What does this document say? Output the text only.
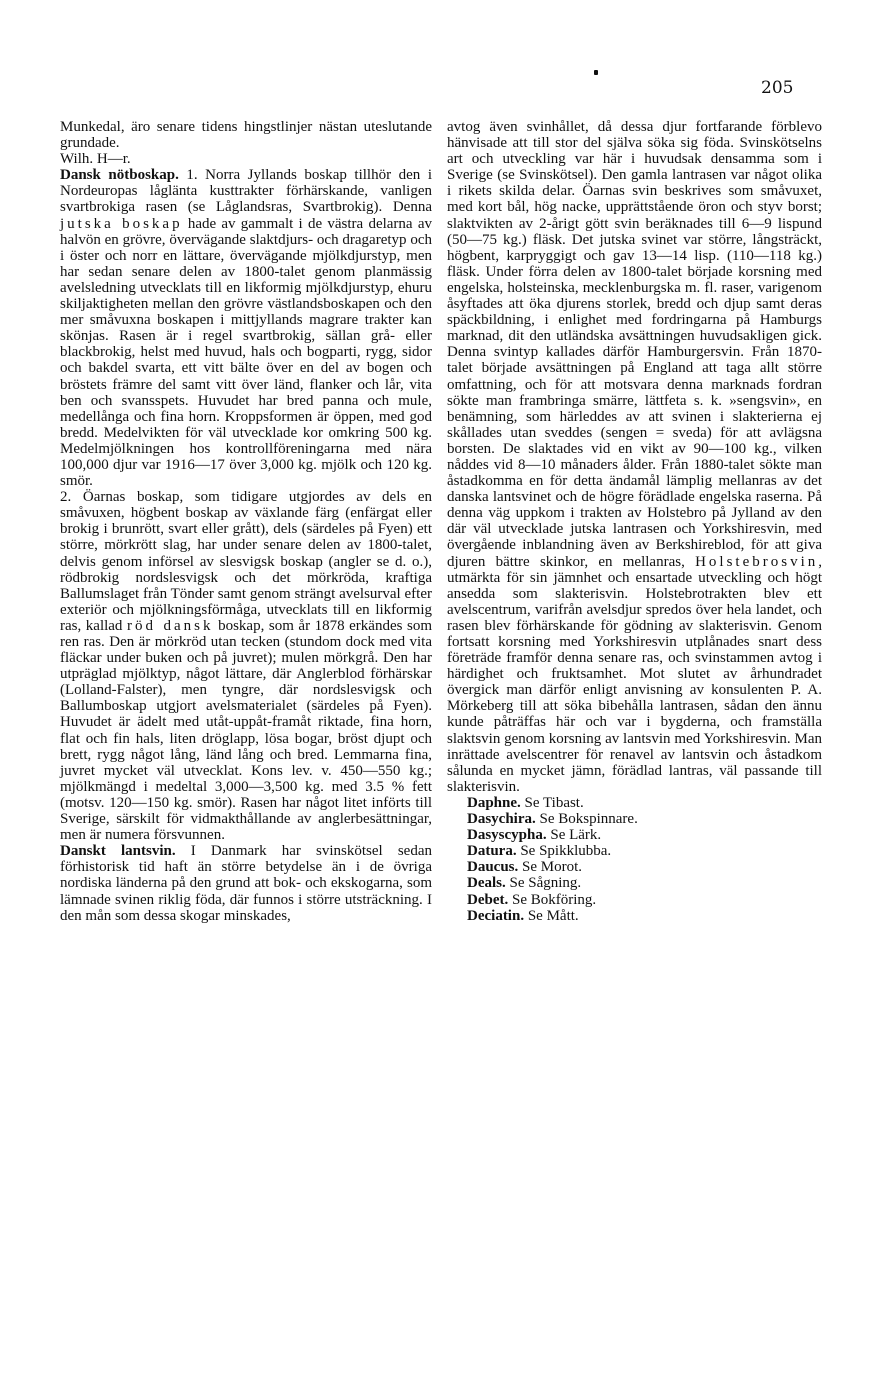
205

Munkedal, äro senare tidens hingstlinjer nästan uteslutande grundade.

Wilh. H—r.

Dansk nötboskap. 1. Norra Jyllands boskap tillhör den i Nordeuropas låglänta kusttrakter förhärskande, vanligen svartbrokiga rasen (se Låglandsras, Svartbrokig). Denna jutska boskap hade av gammalt i de västra delarna av halvön en grövre, övervägande slaktdjurs- och dragaretyp och i öster och norr en lättare, övervägande mjölkdjurstyp, men har sedan senare delen av 1800-talet genom planmässig avelsledning utvecklats till en likformig mjölkdjurstyp, ehuru skiljaktigheten mellan den grövre västlandsboskapen och den mer småvuxna boskapen i mittjyllands magrare trakter kan skönjas. Rasen är i regel svartbrokig, sällan grå- eller blackbrokig, helst med huvud, hals och bogparti, rygg, sidor och bakdel svarta, ett vitt bälte över en del av bogen och bröstets främre del samt vitt över länd, flanker och lår, vita ben och svansspets. Huvudet har bred panna och mule, medellånga och fina horn. Kroppsformen är öppen, med god bredd. Medelvikten för väl utvecklade kor omkring 500 kg. Medelmjölkningen hos kontrollföreningarna med nära 100,000 djur var 1916—17 över 3,000 kg. mjölk och 120 kg. smör.

2. Öarnas boskap, som tidigare utgjordes av dels en småvuxen, högbent boskap av växlande färg (enfärgat eller brokig i brunrött, svart eller grått), dels (särdeles på Fyen) ett större, mörkrött slag, har under senare delen av 1800-talet, delvis genom införsel av slesvigsk boskap (angler se d. o.), rödbrokig nordslesvigsk och det mörkröda, kraftiga Ballumslaget från Tönder samt genom strängt avelsurval efter exteriör och mjölkningsförmåga, utvecklats till en likformig ras, kallad röd dansk boskap, som år 1878 erkändes som ren ras. Den är mörkröd utan tecken (stundom dock med vita fläckar under buken och på juvret); mulen mörkgrå. Den har utpräglad mjölktyp, något lättare, där Anglerblod förhärskar (Lolland-Falster), men tyngre, där nordslesvigsk och Ballumboskap utgjort avelsmaterialet (särdeles på Fyen). Huvudet är ädelt med utåt-uppåt-framåt riktade, fina horn, flat och fin hals, liten dröglapp, lösa bogar, bröst djupt och brett, rygg något lång, länd lång och bred. Lemmarna fina, juvret mycket väl utvecklat. Kons lev. v. 450—550 kg.; mjölkmängd i medeltal 3,000—3,500 kg. med 3.5 % fett (motsv. 120—150 kg. smör). Rasen har något litet införts till Sverige, särskilt för vidmakthållande av anglerbesättningar, men är numera försvunnen.

Danskt lantsvin. I Danmark har svinskötsel sedan förhistorisk tid haft än större betydelse än i de övriga nordiska länderna på den grund att bok- och ekskogarna, som lämnade svinen riklig föda, där funnos i större utsträckning. I den mån som dessa skogar minskades,

avtog även svinhållet, då dessa djur fortfarande förblevo hänvisade att till stor del själva söka sig föda. Svinskötselns art och utveckling var här i huvudsak densamma som i Sverige (se Svinskötsel). Den gamla lantrasen var något olika i rikets skilda delar. Öarnas svin beskrives som småvuxet, med kort bål, hög nacke, upprättstående öron och styv borst; slaktvikten av 2-årigt gött svin beräknades till 6—9 lispund (50—75 kg.) fläsk. Det jutska svinet var större, långsträckt, högbent, karpryggigt och gav 13—14 lisp. (110—118 kg.) fläsk. Under förra delen av 1800-talet började korsning med engelska, holsteinska, mecklenburgska m. fl. raser, varigenom åsyftades att öka djurens storlek, bredd och djup samt deras späckbildning, i enlighet med fordringarna på Hamburgs marknad, dit den utländska avsättningen huvudsakligen gick. Denna svintyp kallades därför Hamburgersvin. Från 1870-talet började avsättningen på England att taga allt större omfattning, och för att motsvara denna marknads fordran sökte man frambringa smärre, lättfeta s. k. »sengsvin», en benämning, som härleddes av att svinen i slakterierna ej skållades utan sveddes (sengen = sveda) för att avlägsna borsten. De slaktades vid en vikt av 90—100 kg., vilken nåddes vid 8—10 månaders ålder. Från 1880-talet sökte man åstadkomma en för detta ändamål lämplig mellanras av det danska lantsvinet och de högre förädlade engelska raserna. På denna väg uppkom i trakten av Holstebro på Jylland av den där väl utvecklade jutska lantrasen och Yorkshiresvin, med övergående inblandning även av Berkshireblod, för att giva djuren bättre skinkor, en mellanras, Holstebrosvin, utmärkta för sin jämnhet och ensartade utveckling och högt ansedda som slakterisvin. Holstebrotrakten blev ett avelscentrum, varifrån avelsdjur spredos över hela landet, och rasen blev förhärskande för gödning av slakterisvin. Genom fortsatt korsning med Yorkshiresvin utplånades snart dess företräde framför denna senare ras, och svinstammen avtog i härdighet och fruktsamhet. Mot slutet av århundradet övergick man därför enligt anvisning av konsulenten P. A. Mörkeberg till att söka bibehålla lantrasen, sådan den ännu kunde påträffas här och var i bygderna, och framställa slaktsvin genom korsning av lantsvin med Yorkshiresvin. Man inrättade avelscentrer för renavel av lantsvin och åstadkom sålunda en mycket jämn, förädlad lantras, väl passande till slakterisvin.

Daphne. Se Tibast.

Dasychira. Se Bokspinnare.

Dasyscypha. Se Lärk.

Datura. Se Spikklubba.

Daucus. Se Morot.

Deals. Se Sågning.

Debet. Se Bokföring.

Deciatin. Se Mått.
